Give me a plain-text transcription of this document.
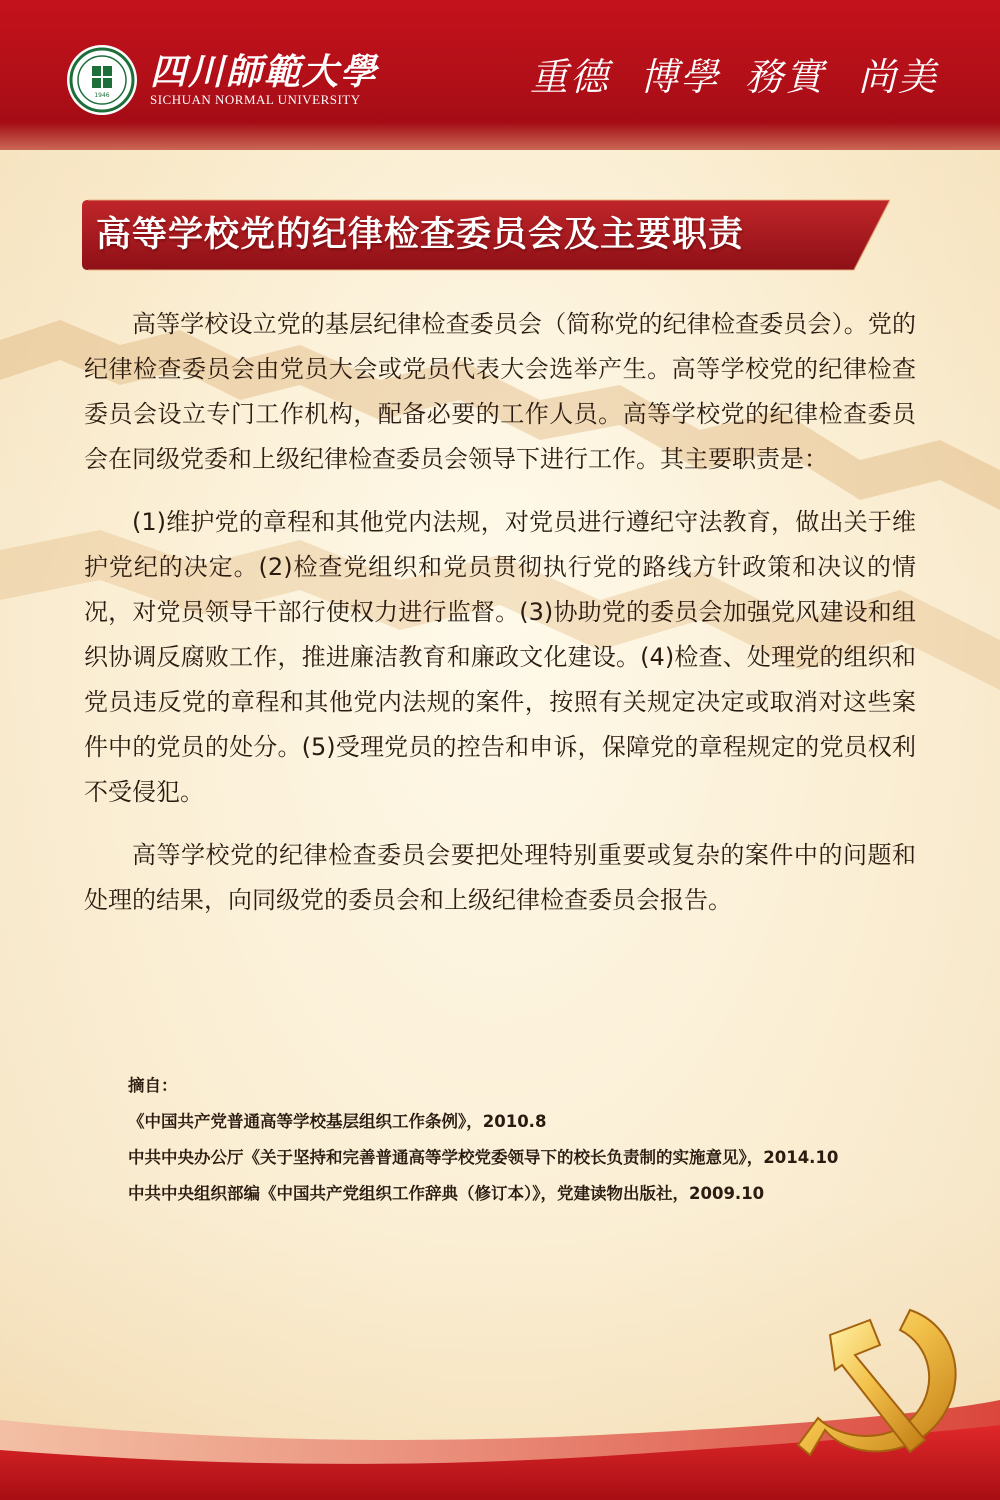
1946
四川師範大學
SICHUAN NORMAL UNIVERSITY
重德 博學 務實 尚美
高等学校党的纪律检查委员会及主要职责

高等学校设立党的基层纪律检查委员会（简称党的纪律检查委员会）。党的纪律检查委员会由党员大会或党员代表大会选举产生。高等学校党的纪律检查委员会设立专门工作机构，配备必要的工作人员。高等学校党的纪律检查委员会在同级党委和上级纪律检查委员会领导下进行工作。其主要职责是：

(1)维护党的章程和其他党内法规，对党员进行遵纪守法教育，做出关于维护党纪的决定。(2)检查党组织和党员贯彻执行党的路线方针政策和决议的情况，对党员领导干部行使权力进行监督。(3)协助党的委员会加强党风建设和组织协调反腐败工作，推进廉洁教育和廉政文化建设。(4)检查、处理党的组织和党员违反党的章程和其他党内法规的案件，按照有关规定决定或取消对这些案件中的党员的处分。(5)受理党员的控告和申诉，保障党的章程规定的党员权利不受侵犯。

高等学校党的纪律检查委员会要把处理特别重要或复杂的案件中的问题和处理的结果，向同级党的委员会和上级纪律检查委员会报告。

摘自：
《中国共产党普通高等学校基层组织工作条例》，2010.8
中共中央办公厅《关于坚持和完善普通高等学校党委领导下的校长负责制的实施意见》，2014.10
中共中央组织部编《中国共产党组织工作辞典（修订本）》，党建读物出版社，2009.10
